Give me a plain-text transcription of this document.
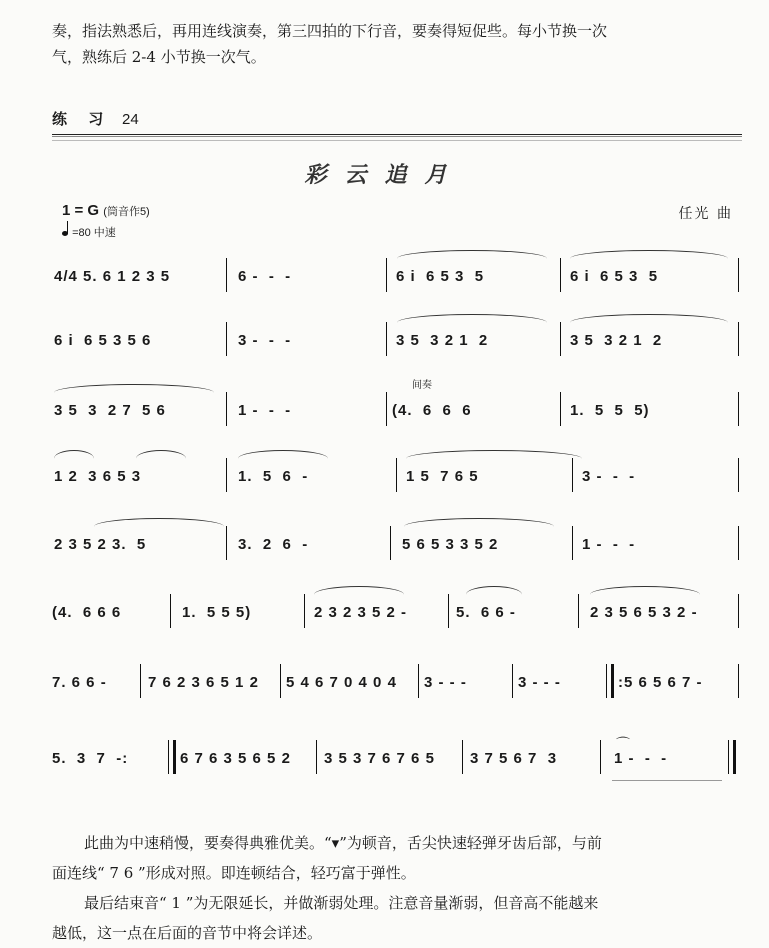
奏，指法熟悉后，再用连线演奏，第三四拍的下行音，要奏得短促些。每小节换一次

气，熟练后 2-4 小节换一次气。

练 习 24
彩云追月
1 = G (筒音作5)
=80 中速
任光 曲
4/4 5. 6 1 2 3 5	6 -  -  -	6 i  6 5 3  5	6 i  6 5 3  5
6 i  6 5 3 5 6	3 -  -  -	3 5  3 2 1  2	3 5  3 2 1  2
3 5  3  2 7  5 6	1 -  -  -
间奏
(4.  6  6  6	1.  5  5  5)
1 2  3 6 5 3	1.  5  6  -	1 5  7 6 5	3 -  -  -
2 3 5 2 3.  5	3.  2  6  -	5 6 5 3 3 5 2	1 -  -  -
(4.  6 6 6	1.  5 5 5)	2 3 2 3 5 2 -	5.  6 6 -	2 3 5 6 5 3 2 -
7. 6 6 -	7 6 2 3 6 5 1 2 5 4 6 7 0 4 0 4 3 - - -	3 - - -	:5 6 5 6 7 -
5.  3  7  -:	6 7 6 3 5 6 5 2 3 5 3 7 6 7 6 5 3 7 5 6 7  3
⌒
1 -  -  -
此曲为中速稍慢，要奏得典雅优美。“▾”为顿音，舌尖快速轻弹牙齿后部，与前
面连线“ 7 6 ”形成对照。即连顿结合，轻巧富于弹性。
最后结束音“ 1 ”为无限延长，并做渐弱处理。注意音量渐弱，但音高不能越来
越低，这一点在后面的音节中将会详述。
